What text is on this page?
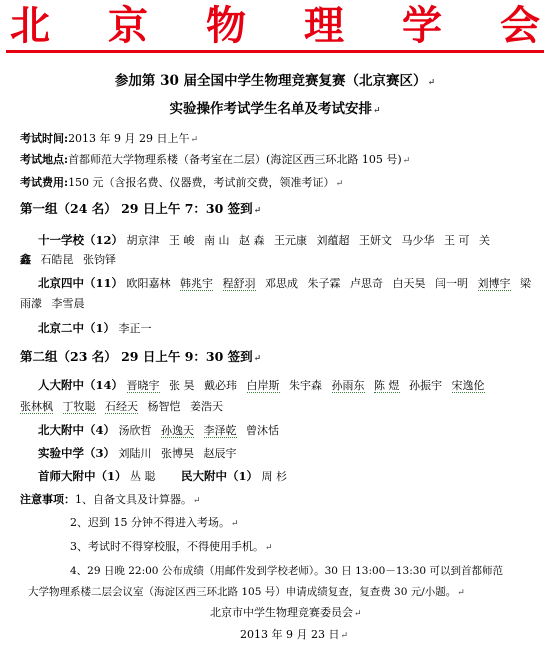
北 京 物 理 学 会
参加第 30 届全国中学生物理竞赛复赛（北京赛区）↵
实验操作考试学生名单及考试安排↵
考试时间:2013 年 9 月 29 日上午↵
考试地点:首都师范大学物理系楼（备考室在二层）(海淀区西三环北路 105 号)↵
考试费用:150 元（含报名费、仪器费，考试前交费，领准考证）↵
第一组（24 名） 29 日上午 7：30 签到↵
十一学校（12） 胡京津 王 峻 南 山 赵 森 王元康 刘蕴超 王妍文 马少华 王 可 关
鑫 石皓昆 张钧铎
北京四中（11） 欧阳嘉林 韩兆宇 程舒羽 邓思成 朱子霖 卢思奇 白天昊 闫一明 刘博宇 梁
雨濛 李雪晨
北京二中（1） 李正一
第二组（23 名） 29 日上午 9：30 签到↵
人大附中（14） 晋晓宇 张 昊 戴必玮 白岸斯 朱宇森 孙雨东 陈 煜 孙振宇 宋逸伦
张林枫 丁牧聪 石经天 杨智恺 姜浩天
北大附中（4） 汤欣哲 孙逸天 李泽乾 曾沐恬
实验中学（3） 刘陆川 张博昊 赵辰宇
首师大附中（1） 丛 聪 民大附中（1） 周 杉
注意事项：1、自备文具及计算器。↵
2、迟到 15 分钟不得进入考场。↵
3、考试时不得穿校服，不得使用手机。↵
4、29 日晚 22:00 公布成绩（用邮件发到学校老师）。30 日 13:00－13:30 可以到首都师范
大学物理系楼二层会议室（海淀区西三环北路 105 号）申请成绩复查，复查费 30 元/小题。↵
北京市中学生物理竞赛委员会↵
2013 年 9 月 23 日↵
